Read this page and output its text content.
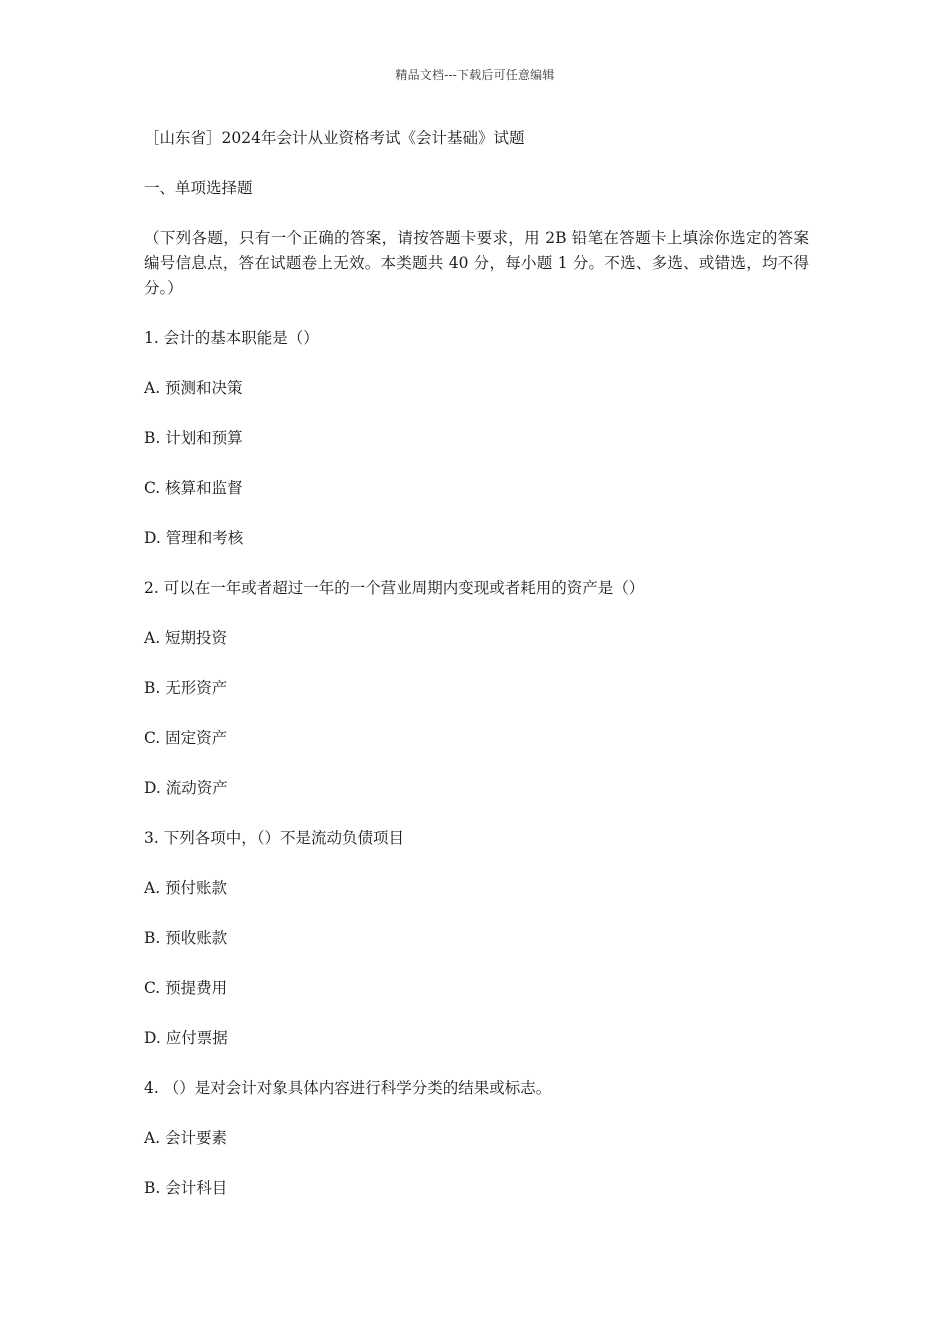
精品文档---下载后可任意编辑

［山东省］2024年会计从业资格考试《会计基础》试题

一、单项选择题

（下列各题，只有一个正确的答案，请按答题卡要求，用 2B 铅笔在答题卡上填涂你选定的答案编号信息点，答在试题卷上无效。本类题共 40 分，每小题 1 分。不选、多选、或错选，均不得分。）

1. 会计的基本职能是（）

A. 预测和决策

B. 计划和预算

C. 核算和监督

D. 管理和考核

2. 可以在一年或者超过一年的一个营业周期内变现或者耗用的资产是（）

A. 短期投资

B. 无形资产

C. 固定资产

D. 流动资产

3. 下列各项中，（）不是流动负债项目

A. 预付账款

B. 预收账款

C. 预提费用

D. 应付票据

4. （）是对会计对象具体内容进行科学分类的结果或标志。

A. 会计要素

B. 会计科目
